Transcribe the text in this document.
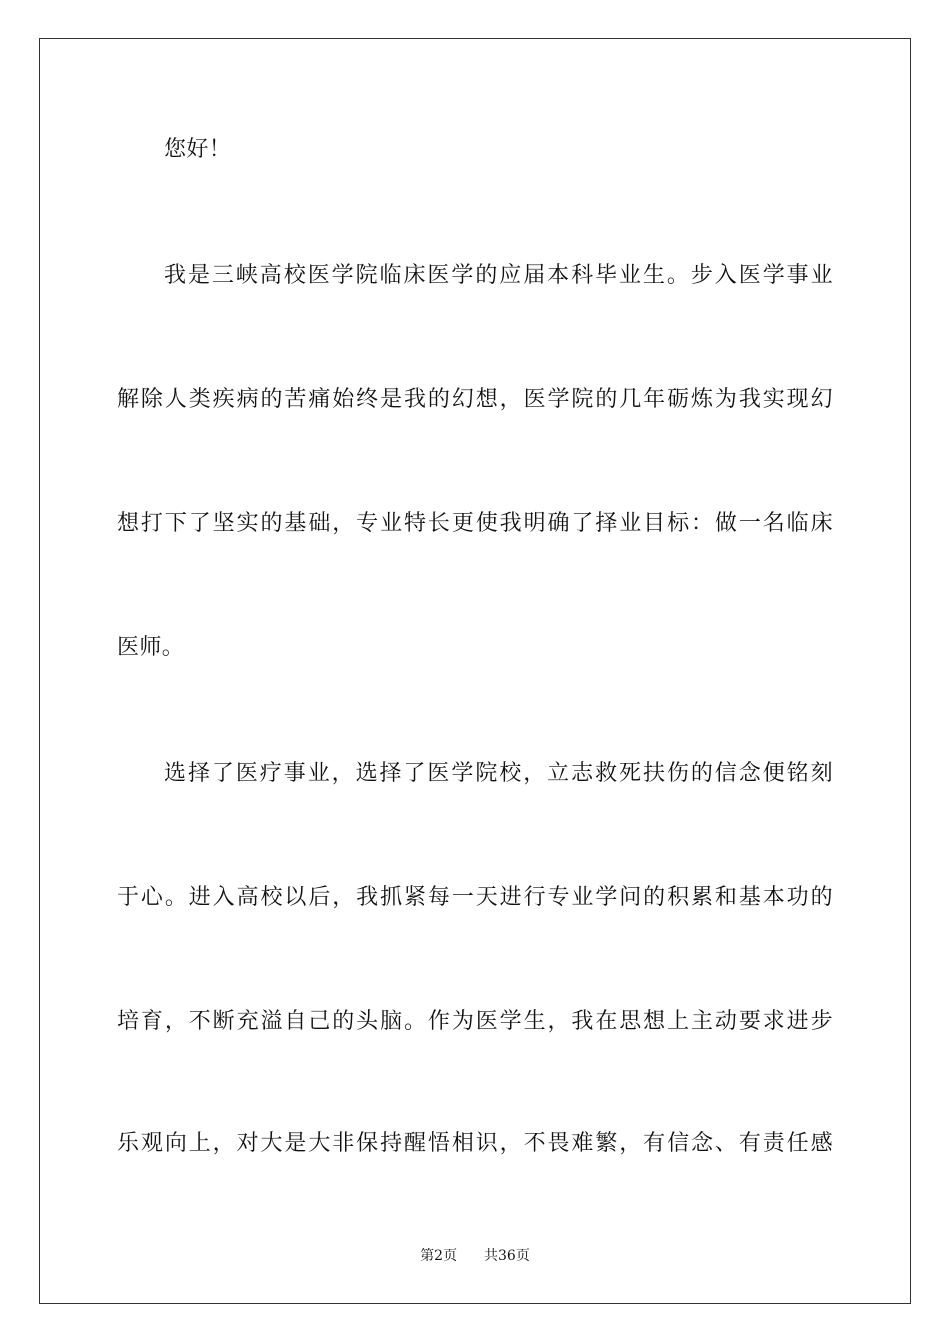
您好！
我是三峡高校医学院临床医学的应届本科毕业生。步入医学事业
解除人类疾病的苦痛始终是我的幻想，医学院的几年砺炼为我实现幻
想打下了坚实的基础，专业特长更使我明确了择业目标：做一名临床
医师。
选择了医疗事业，选择了医学院校，立志救死扶伤的信念便铭刻
于心。进入高校以后，我抓紧每一天进行专业学问的积累和基本功的
培育，不断充溢自己的头脑。作为医学生，我在思想上主动要求进步
乐观向上，对大是大非保持醒悟相识，不畏难繁，有信念、有责任感
第2页 共36页
